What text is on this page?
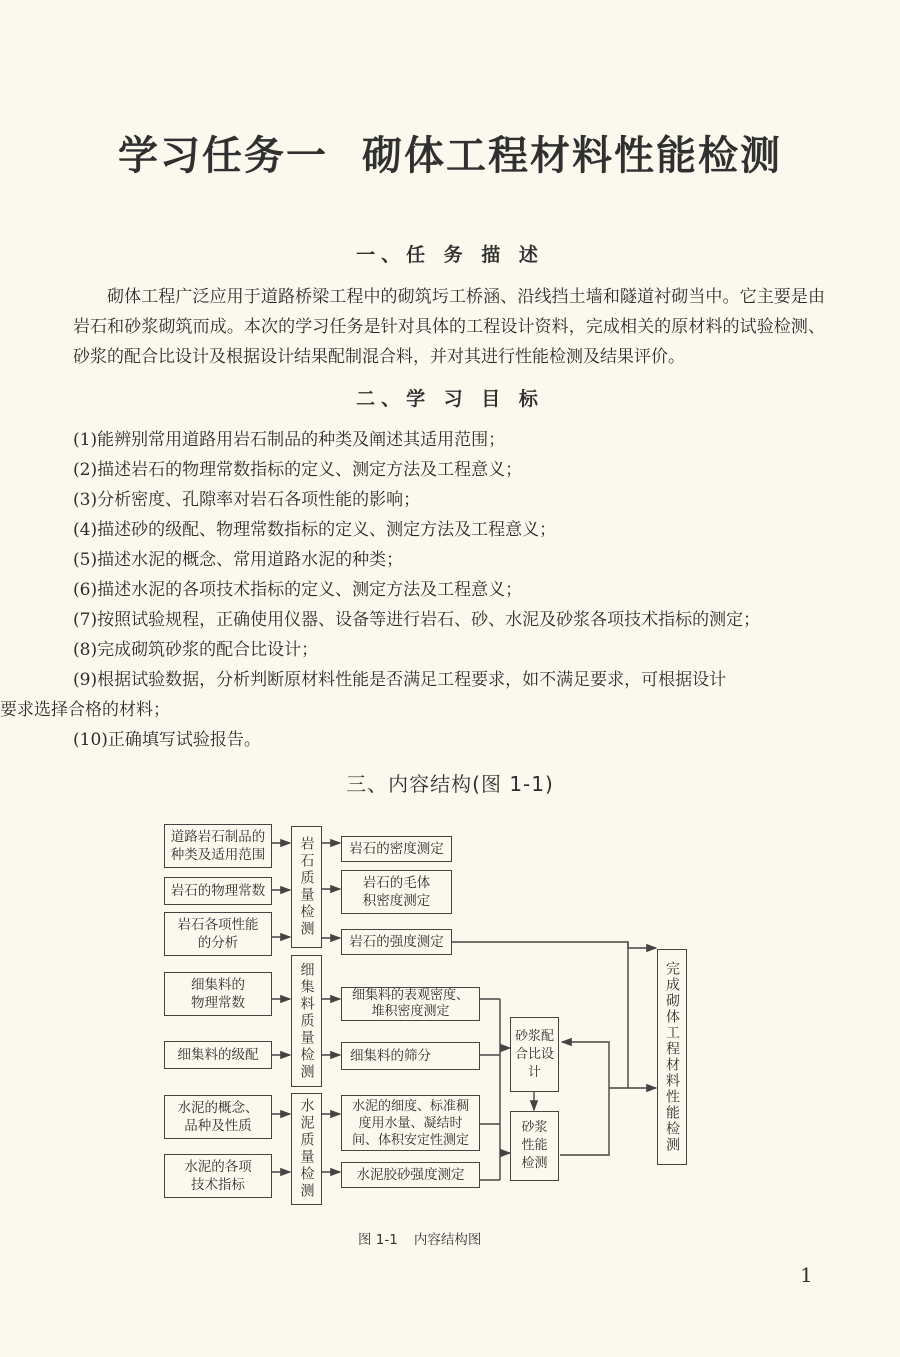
学习任务一 砌体工程材料性能检测
一、任 务 描 述
砌体工程广泛应用于道路桥梁工程中的砌筑圬工桥涵、沿线挡土墙和隧道衬砌当中。它主要是由岩石和砂浆砌筑而成。本次的学习任务是针对具体的工程设计资料，完成相关的原材料的试验检测、砂浆的配合比设计及根据设计结果配制混合料，并对其进行性能检测及结果评价。
二、学 习 目 标
(1)能辨别常用道路用岩石制品的种类及阐述其适用范围；
(2)描述岩石的物理常数指标的定义、测定方法及工程意义；
(3)分析密度、孔隙率对岩石各项性能的影响；
(4)描述砂的级配、物理常数指标的定义、测定方法及工程意义；
(5)描述水泥的概念、常用道路水泥的种类；
(6)描述水泥的各项技术指标的定义、测定方法及工程意义；
(7)按照试验规程，正确使用仪器、设备等进行岩石、砂、水泥及砂浆各项技术指标的测定；
(8)完成砌筑砂浆的配合比设计；
(9)根据试验数据，分析判断原材料性能是否满足工程要求，如不满足要求，可根据设计
要求选择合格的材料；
(10)正确填写试验报告。
三、内容结构(图 1-1)
道路岩石制品的种类及适用范围
岩石的物理常数
岩石各项性能的分析
细集料的物理常数
细集料的级配
水泥的概念、品种及性质
水泥的各项技术指标
岩石质量检测
细集料质量检测
水泥质量检测
岩石的密度测定
岩石的毛体积密度测定
岩石的强度测定
细集料的表观密度、堆积密度测定
细集料的筛分
水泥的细度、标准稠度用水量、凝结时间、体积安定性测定
水泥胶砂强度测定
砂浆配合比设计
砂浆性能检测
完成砌体工程材料性能检测
图 1-1 内容结构图
1
